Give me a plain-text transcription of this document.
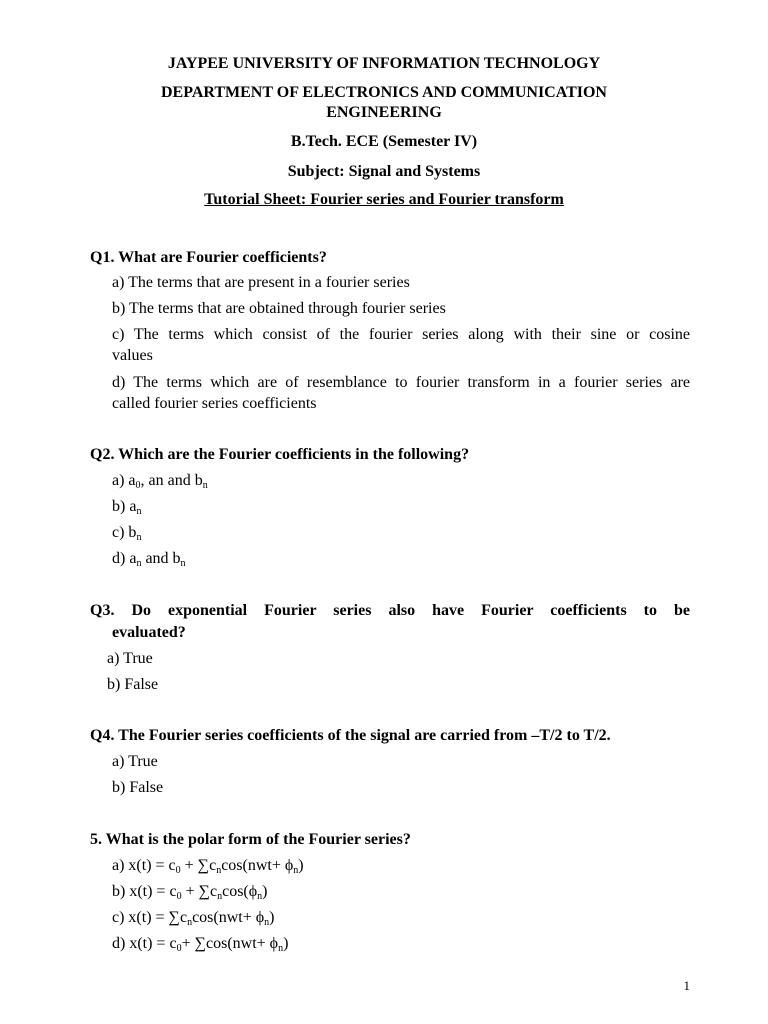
JAYPEE UNIVERSITY OF INFORMATION TECHNOLOGY
DEPARTMENT OF ELECTRONICS AND COMMUNICATION
ENGINEERING
B.Tech. ECE (Semester IV)
Subject: Signal and Systems
Tutorial Sheet: Fourier series and Fourier transform
Q1. What are Fourier coefficients?
a) The terms that are present in a fourier series
b) The terms that are obtained through fourier series
c) The terms which consist of the fourier series along with their sine or cosine
values
d) The terms which are of resemblance to fourier transform in a fourier series are
called fourier series coefficients
Q2. Which are the Fourier coefficients in the following?
a) $a_0$, an and $b_n$
b) $a_n$
c) $b_n$
d) $a_n$ and $b_n$
Q3. Do exponential Fourier series also have Fourier coefficients to be
evaluated?
a) True
b) False
Q4. The Fourier series coefficients of the signal are carried from –T/2 to T/2.
a) True
b) False
5. What is the polar form of the Fourier series?
a) $x(t) = c_0 + \sum c_n\cos(nwt+ \phi_n)$
b) $x(t) = c_0 + \sum c_n\cos(\phi_n)$
c) $x(t) = \sum c_n\cos(nwt+ \phi_n)$
d) $x(t) = c_0+ \sum\cos(nwt+ \phi_n)$
1
